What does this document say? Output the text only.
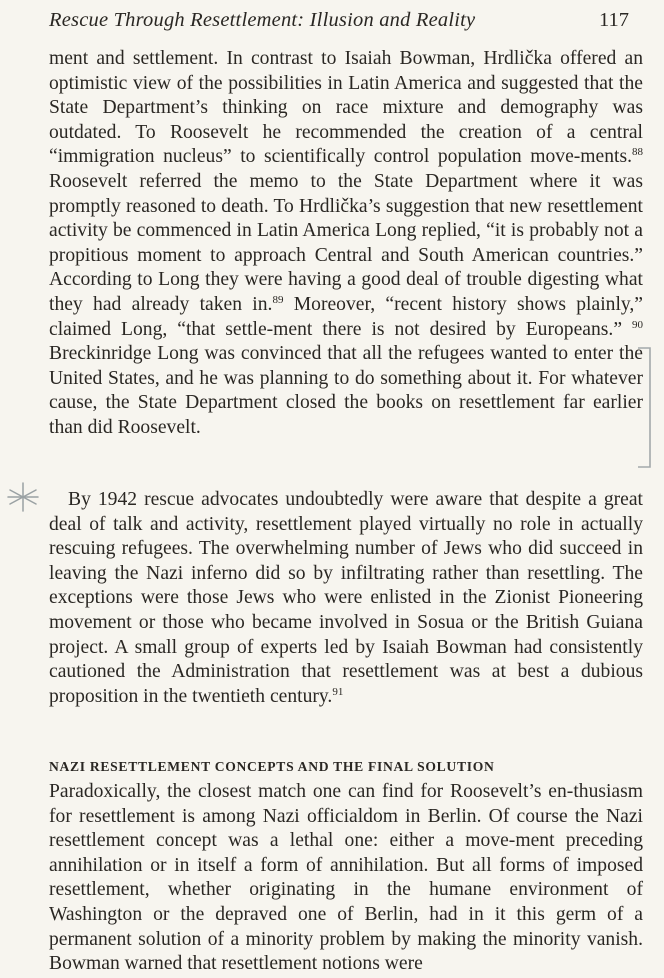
Rescue Through Resettlement: Illusion and Reality	117

ment and settlement. In contrast to Isaiah Bowman, Hrdlička offered an optimistic view of the possibilities in Latin America and suggested that the State Department’s thinking on race mixture and demography was outdated. To Roosevelt he recommended the creation of a central “immigration nucleus” to scientifically control population move-ments.$^{88}$ Roosevelt referred the memo to the State Department where it was promptly reasoned to death. To Hrdlička’s suggestion that new resettlement activity be commenced in Latin America Long replied, “it is probably not a propitious moment to approach Central and South American countries.” According to Long they were having a good deal of trouble digesting what they had already taken in.$^{89}$ Moreover, “recent history shows plainly,” claimed Long, “that settle-ment there is not desired by Europeans.” $^{90}$ Breckinridge Long was convinced that all the refugees wanted to enter the United States, and he was planning to do something about it. For whatever cause, the State Department closed the books on resettlement far earlier than did Roosevelt.

By 1942 rescue advocates undoubtedly were aware that despite a great deal of talk and activity, resettlement played virtually no role in actually rescuing refugees. The overwhelming number of Jews who did succeed in leaving the Nazi inferno did so by infiltrating rather than resettling. The exceptions were those Jews who were enlisted in the Zionist Pioneering movement or those who became involved in Sosua or the British Guiana project. A small group of experts led by Isaiah Bowman had consistently cautioned the Administration that resettlement was at best a dubious proposition in the twentieth century.$^{91}$

NAZI RESETTLEMENT CONCEPTS AND THE FINAL SOLUTION

Paradoxically, the closest match one can find for Roosevelt’s en-thusiasm for resettlement is among Nazi officialdom in Berlin. Of course the Nazi resettlement concept was a lethal one: either a move-ment preceding annihilation or in itself a form of annihilation. But all forms of imposed resettlement, whether originating in the humane environment of Washington or the depraved one of Berlin, had in it this germ of a permanent solution of a minority problem by making the minority vanish. Bowman warned that resettlement notions were
